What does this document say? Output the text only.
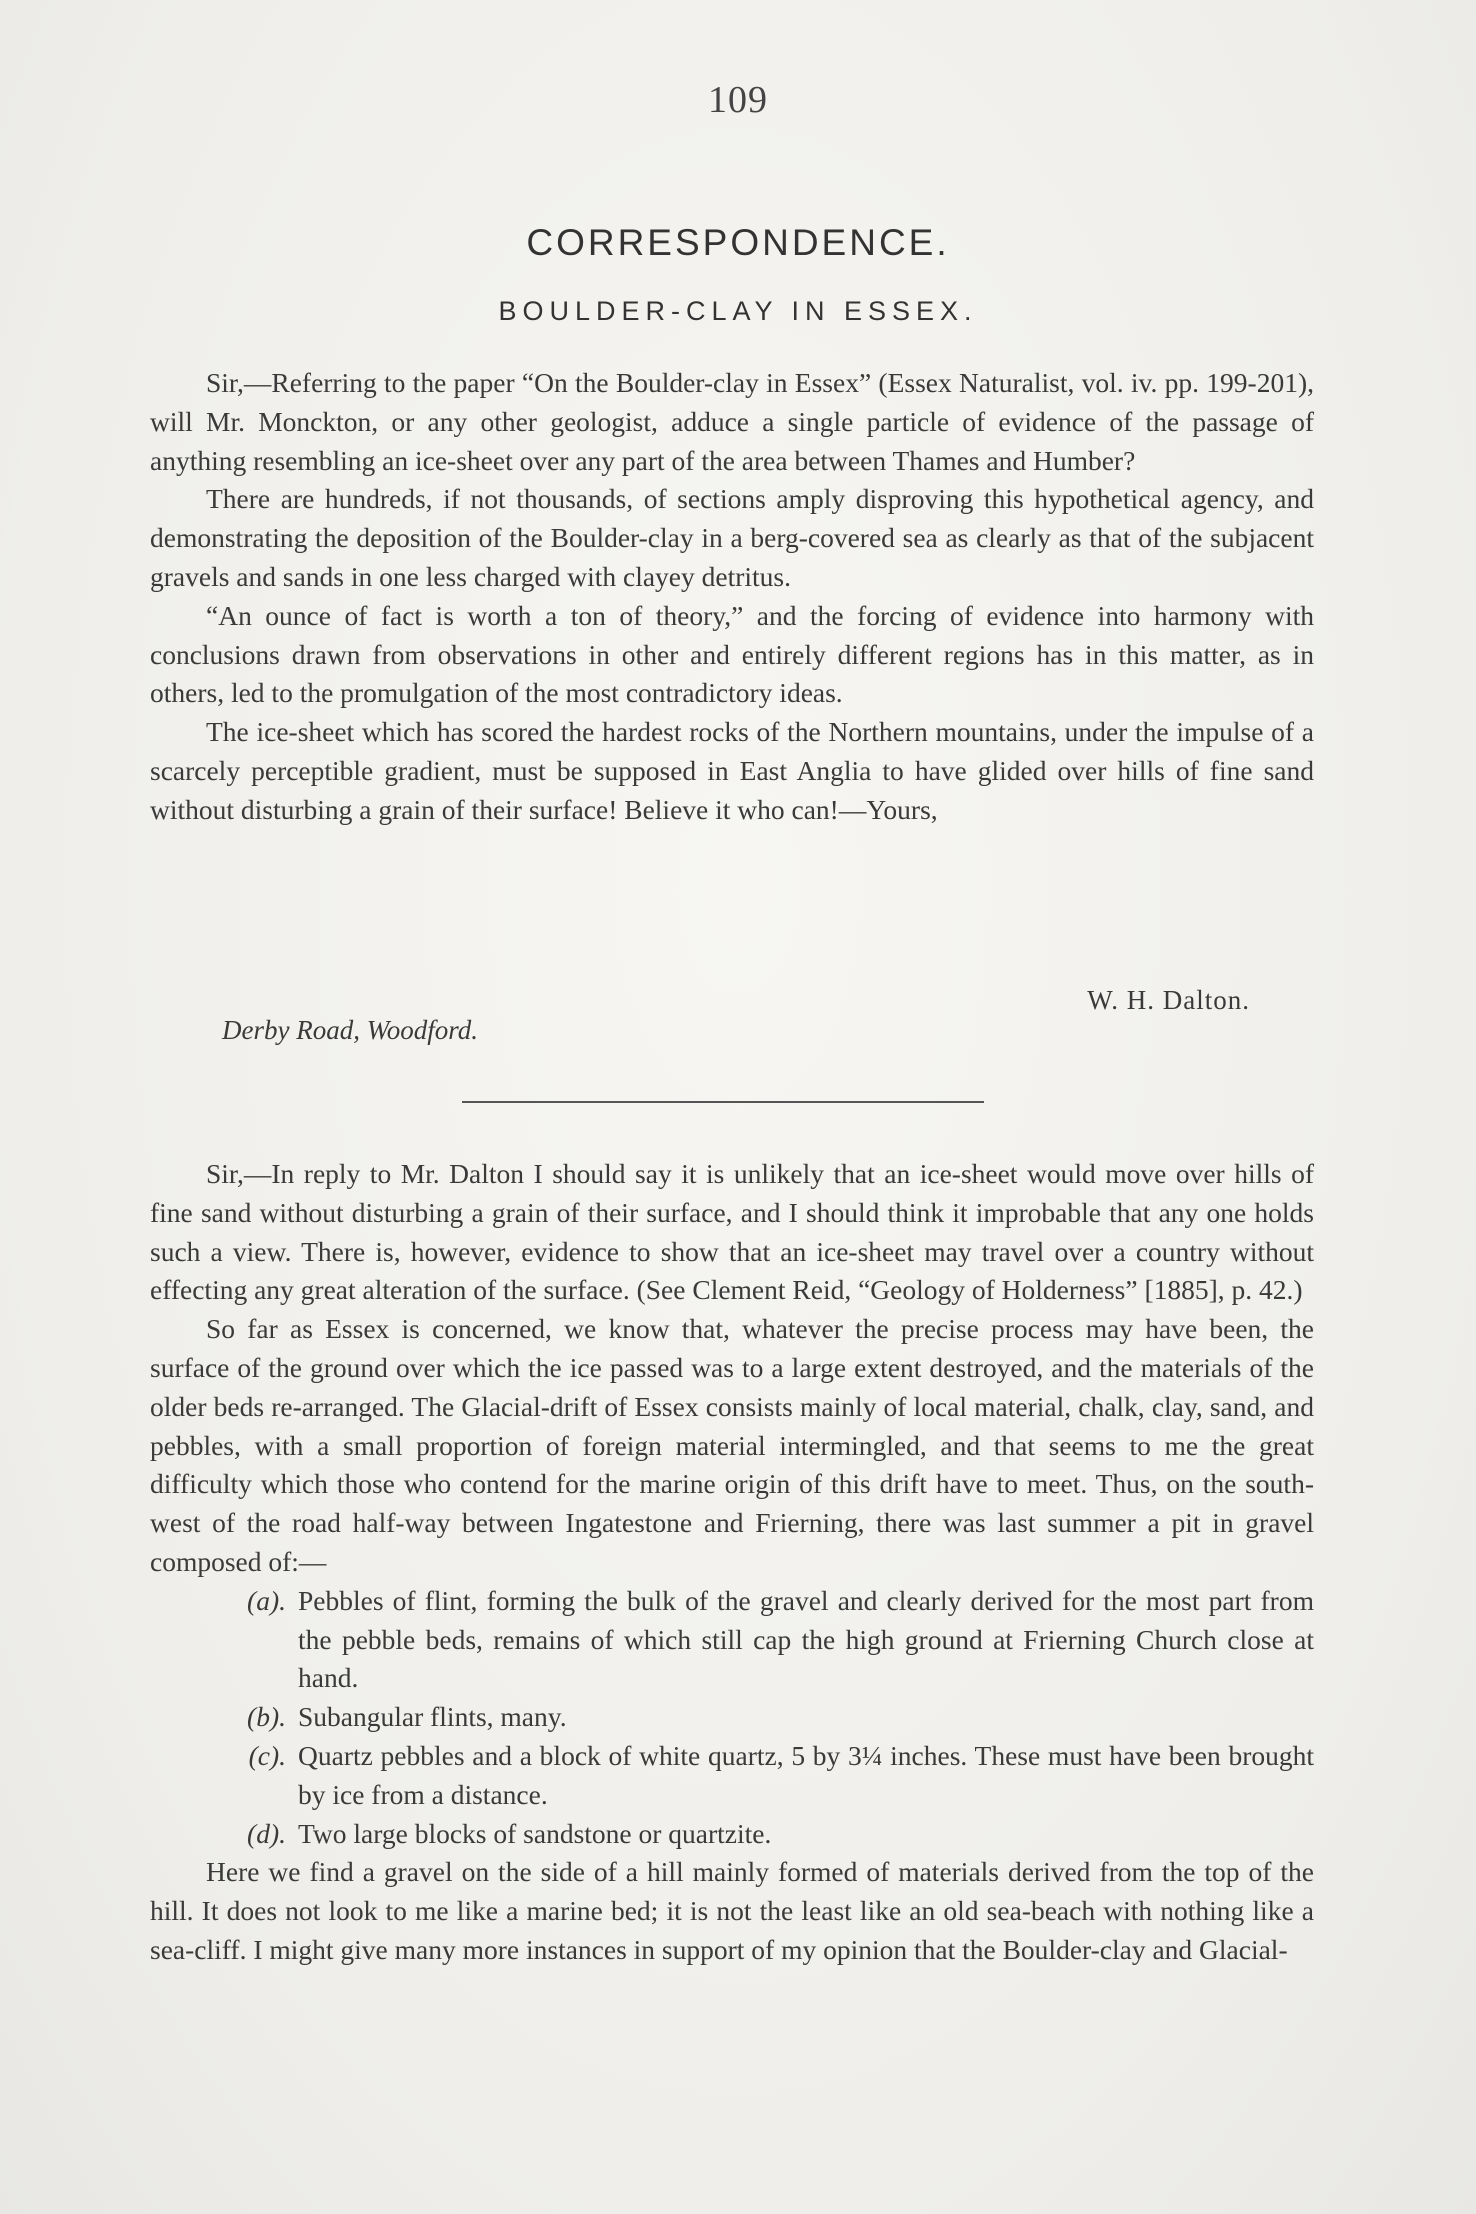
109
CORRESPONDENCE.
BOULDER-CLAY IN ESSEX.

Sir,—Referring to the paper “On the Boulder-clay in Essex” (Essex Naturalist, vol. iv. pp. 199-201), will Mr. Monckton, or any other geologist, adduce a single particle of evidence of the passage of anything resembling an ice-sheet over any part of the area between Thames and Humber?

There are hundreds, if not thousands, of sections amply disproving this hypothetical agency, and demonstrating the deposition of the Boulder-clay in a berg-covered sea as clearly as that of the subjacent gravels and sands in one less charged with clayey detritus.

“An ounce of fact is worth a ton of theory,” and the forcing of evidence into harmony with conclusions drawn from observations in other and entirely different regions has in this matter, as in others, led to the promulgation of the most contradictory ideas.

The ice-sheet which has scored the hardest rocks of the Northern mountains, under the impulse of a scarcely perceptible gradient, must be supposed in East Anglia to have glided over hills of fine sand without disturbing a grain of their surface! Believe it who can!—Yours,

W. H. Dalton.
Derby Road, Woodford.

Sir,—In reply to Mr. Dalton I should say it is unlikely that an ice-sheet would move over hills of fine sand without disturbing a grain of their surface, and I should think it improbable that any one holds such a view. There is, however, evidence to show that an ice-sheet may travel over a country without effecting any great alteration of the surface. (See Clement Reid, “Geology of Holderness” [1885], p. 42.)

So far as Essex is concerned, we know that, whatever the precise process may have been, the surface of the ground over which the ice passed was to a large extent destroyed, and the materials of the older beds re-arranged. The Glacial-drift of Essex consists mainly of local material, chalk, clay, sand, and pebbles, with a small proportion of foreign material intermingled, and that seems to me the great difficulty which those who contend for the marine origin of this drift have to meet. Thus, on the south-west of the road half-way between Ingatestone and Frierning, there was last summer a pit in gravel composed of:—

(a). Pebbles of flint, forming the bulk of the gravel and clearly derived for the most part from the pebble beds, remains of which still cap the high ground at Frierning Church close at hand.
(b). Subangular flints, many.
(c). Quartz pebbles and a block of white quartz, 5 by 3¼ inches. These must have been brought by ice from a distance.
(d). Two large blocks of sandstone or quartzite.

Here we find a gravel on the side of a hill mainly formed of materials derived from the top of the hill. It does not look to me like a marine bed; it is not the least like an old sea-beach with nothing like a sea-cliff. I might give many more instances in support of my opinion that the Boulder-clay and Glacial-
